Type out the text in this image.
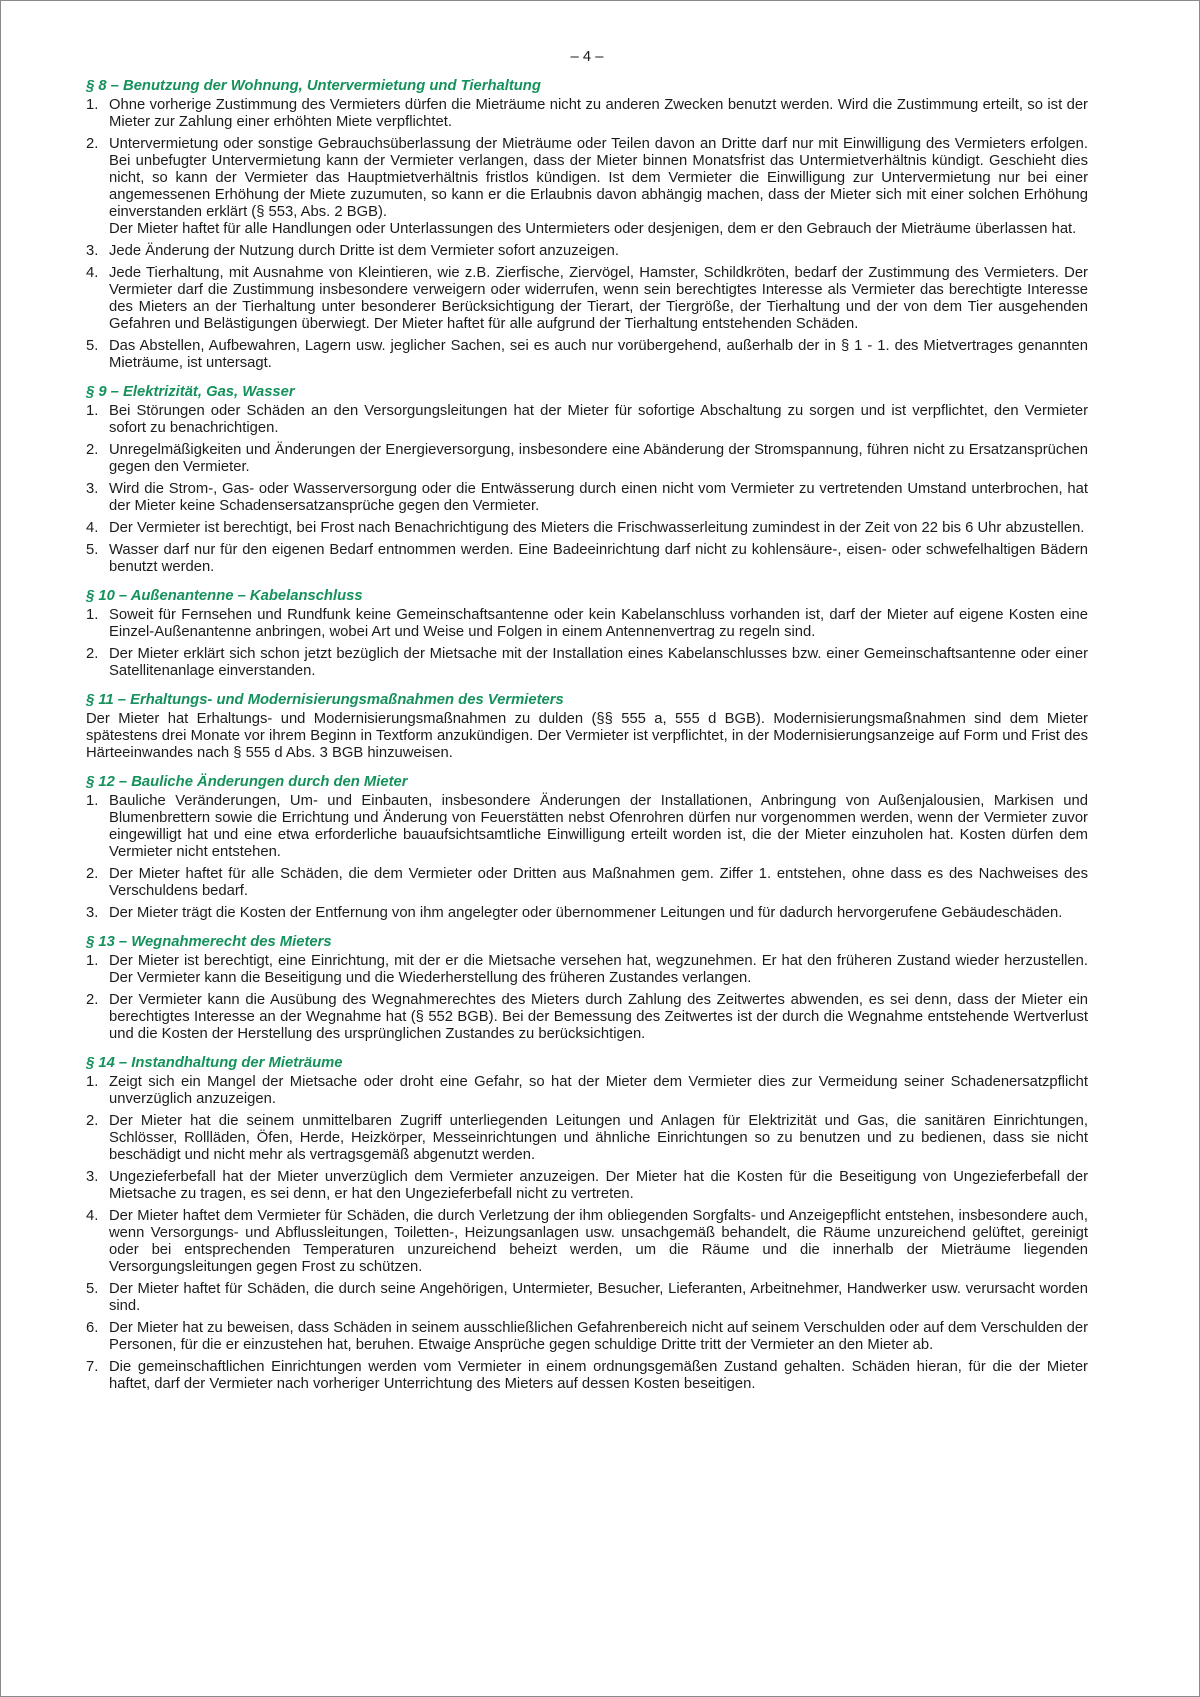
– 4 –
§ 8 – Benutzung der Wohnung, Untervermietung und Tierhaltung
1. Ohne vorherige Zustimmung des Vermieters dürfen die Mieträume nicht zu anderen Zwecken benutzt werden. Wird die Zustimmung erteilt, so ist der Mieter zur Zahlung einer erhöhten Miete verpflichtet.
2. Untervermietung oder sonstige Gebrauchsüberlassung der Mieträume oder Teilen davon an Dritte darf nur mit Einwilligung des Vermieters erfolgen. Bei unbefugter Untervermietung kann der Vermieter verlangen, dass der Mieter binnen Monatsfrist das Untermietverhältnis kündigt. Geschieht dies nicht, so kann der Vermieter das Hauptmietverhältnis fristlos kündigen. Ist dem Vermieter die Einwilligung zur Untervermietung nur bei einer angemessenen Erhöhung der Miete zuzumuten, so kann er die Erlaubnis davon abhängig machen, dass der Mieter sich mit einer solchen Erhöhung einverstanden erklärt (§ 553, Abs. 2 BGB).
Der Mieter haftet für alle Handlungen oder Unterlassungen des Untermieters oder desjenigen, dem er den Gebrauch der Mieträume überlassen hat.
3. Jede Änderung der Nutzung durch Dritte ist dem Vermieter sofort anzuzeigen.
4. Jede Tierhaltung, mit Ausnahme von Kleintieren, wie z.B. Zierfische, Ziervögel, Hamster, Schildkröten, bedarf der Zustimmung des Vermieters. Der Vermieter darf die Zustimmung insbesondere verweigern oder widerrufen, wenn sein berechtigtes Interesse als Vermieter das berechtigte Interesse des Mieters an der Tierhaltung unter besonderer Berücksichtigung der Tierart, der Tiergröße, der Tierhaltung und der von dem Tier ausgehenden Gefahren und Belästigungen überwiegt. Der Mieter haftet für alle aufgrund der Tierhaltung entstehenden Schäden.
5. Das Abstellen, Aufbewahren, Lagern usw. jeglicher Sachen, sei es auch nur vorübergehend, außerhalb der in § 1 - 1. des Mietvertrages genannten Mieträume, ist untersagt.
§ 9 – Elektrizität, Gas, Wasser
1. Bei Störungen oder Schäden an den Versorgungsleitungen hat der Mieter für sofortige Abschaltung zu sorgen und ist verpflichtet, den Vermieter sofort zu benachrichtigen.
2. Unregelmäßigkeiten und Änderungen der Energieversorgung, insbesondere eine Abänderung der Stromspannung, führen nicht zu Ersatzansprüchen gegen den Vermieter.
3. Wird die Strom-, Gas- oder Wasserversorgung oder die Entwässerung durch einen nicht vom Vermieter zu vertretenden Umstand unterbrochen, hat der Mieter keine Schadensersatzansprüche gegen den Vermieter.
4. Der Vermieter ist berechtigt, bei Frost nach Benachrichtigung des Mieters die Frischwasserleitung zumindest in der Zeit von 22 bis 6 Uhr abzustellen.
5. Wasser darf nur für den eigenen Bedarf entnommen werden. Eine Badeeinrichtung darf nicht zu kohlensäure-, eisen- oder schwefelhaltigen Bädern benutzt werden.
§ 10 – Außenantenne – Kabelanschluss
1. Soweit für Fernsehen und Rundfunk keine Gemeinschaftsantenne oder kein Kabelanschluss vorhanden ist, darf der Mieter auf eigene Kosten eine Einzel-Außenantenne anbringen, wobei Art und Weise und Folgen in einem Antennenvertrag zu regeln sind.
2. Der Mieter erklärt sich schon jetzt bezüglich der Mietsache mit der Installation eines Kabelanschlusses bzw. einer Gemeinschaftsantenne oder einer Satellitenanlage einverstanden.
§ 11 – Erhaltungs- und Modernisierungsmaßnahmen des Vermieters
Der Mieter hat Erhaltungs- und Modernisierungsmaßnahmen zu dulden (§§ 555 a, 555 d BGB). Modernisierungsmaßnahmen sind dem Mieter spätestens drei Monate vor ihrem Beginn in Textform anzukündigen. Der Vermieter ist verpflichtet, in der Modernisierungsanzeige auf Form und Frist des Härteeinwandes nach § 555 d Abs. 3 BGB hinzuweisen.
§ 12 – Bauliche Änderungen durch den Mieter
1. Bauliche Veränderungen, Um- und Einbauten, insbesondere Änderungen der Installationen, Anbringung von Außenjalousien, Markisen und Blumenbrettern sowie die Errichtung und Änderung von Feuerstätten nebst Ofenrohren dürfen nur vorgenommen werden, wenn der Vermieter zuvor eingewilligt hat und eine etwa erforderliche bauaufsichtsamtliche Einwilligung erteilt worden ist, die der Mieter einzuholen hat. Kosten dürfen dem Vermieter nicht entstehen.
2. Der Mieter haftet für alle Schäden, die dem Vermieter oder Dritten aus Maßnahmen gem. Ziffer 1. entstehen, ohne dass es des Nachweises des Verschuldens bedarf.
3. Der Mieter trägt die Kosten der Entfernung von ihm angelegter oder übernommener Leitungen und für dadurch hervorgerufene Gebäudeschäden.
§ 13 – Wegnahmerecht des Mieters
1. Der Mieter ist berechtigt, eine Einrichtung, mit der er die Mietsache versehen hat, wegzunehmen. Er hat den früheren Zustand wieder herzustellen. Der Vermieter kann die Beseitigung und die Wiederherstellung des früheren Zustandes verlangen.
2. Der Vermieter kann die Ausübung des Wegnahmerechtes des Mieters durch Zahlung des Zeitwertes abwenden, es sei denn, dass der Mieter ein berechtigtes Interesse an der Wegnahme hat (§ 552 BGB). Bei der Bemessung des Zeitwertes ist der durch die Wegnahme entstehende Wertverlust und die Kosten der Herstellung des ursprünglichen Zustandes zu berücksichtigen.
§ 14 – Instandhaltung der Mieträume
1. Zeigt sich ein Mangel der Mietsache oder droht eine Gefahr, so hat der Mieter dem Vermieter dies zur Vermeidung seiner Schadenersatzpflicht unverzüglich anzuzeigen.
2. Der Mieter hat die seinem unmittelbaren Zugriff unterliegenden Leitungen und Anlagen für Elektrizität und Gas, die sanitären Einrichtungen, Schlösser, Rollläden, Öfen, Herde, Heizkörper, Messeinrichtungen und ähnliche Einrichtungen so zu benutzen und zu bedienen, dass sie nicht beschädigt und nicht mehr als vertragsgemäß abgenutzt werden.
3. Ungezieferbefall hat der Mieter unverzüglich dem Vermieter anzuzeigen. Der Mieter hat die Kosten für die Beseitigung von Ungezieferbefall der Mietsache zu tragen, es sei denn, er hat den Ungezieferbefall nicht zu vertreten.
4. Der Mieter haftet dem Vermieter für Schäden, die durch Verletzung der ihm obliegenden Sorgfalts- und Anzeigepflicht entstehen, insbesondere auch, wenn Versorgungs- und Abflussleitungen, Toiletten-, Heizungsanlagen usw. unsachgemäß behandelt, die Räume unzureichend gelüftet, gereinigt oder bei entsprechenden Temperaturen unzureichend beheizt werden, um die Räume und die innerhalb der Mieträume liegenden Versorgungsleitungen gegen Frost zu schützen.
5. Der Mieter haftet für Schäden, die durch seine Angehörigen, Untermieter, Besucher, Lieferanten, Arbeitnehmer, Handwerker usw. verursacht worden sind.
6. Der Mieter hat zu beweisen, dass Schäden in seinem ausschließlichen Gefahrenbereich nicht auf seinem Verschulden oder auf dem Verschulden der Personen, für die er einzustehen hat, beruhen. Etwaige Ansprüche gegen schuldige Dritte tritt der Vermieter an den Mieter ab.
7. Die gemeinschaftlichen Einrichtungen werden vom Vermieter in einem ordnungsgemäßen Zustand gehalten. Schäden hieran, für die der Mieter haftet, darf der Vermieter nach vorheriger Unterrichtung des Mieters auf dessen Kosten beseitigen.
